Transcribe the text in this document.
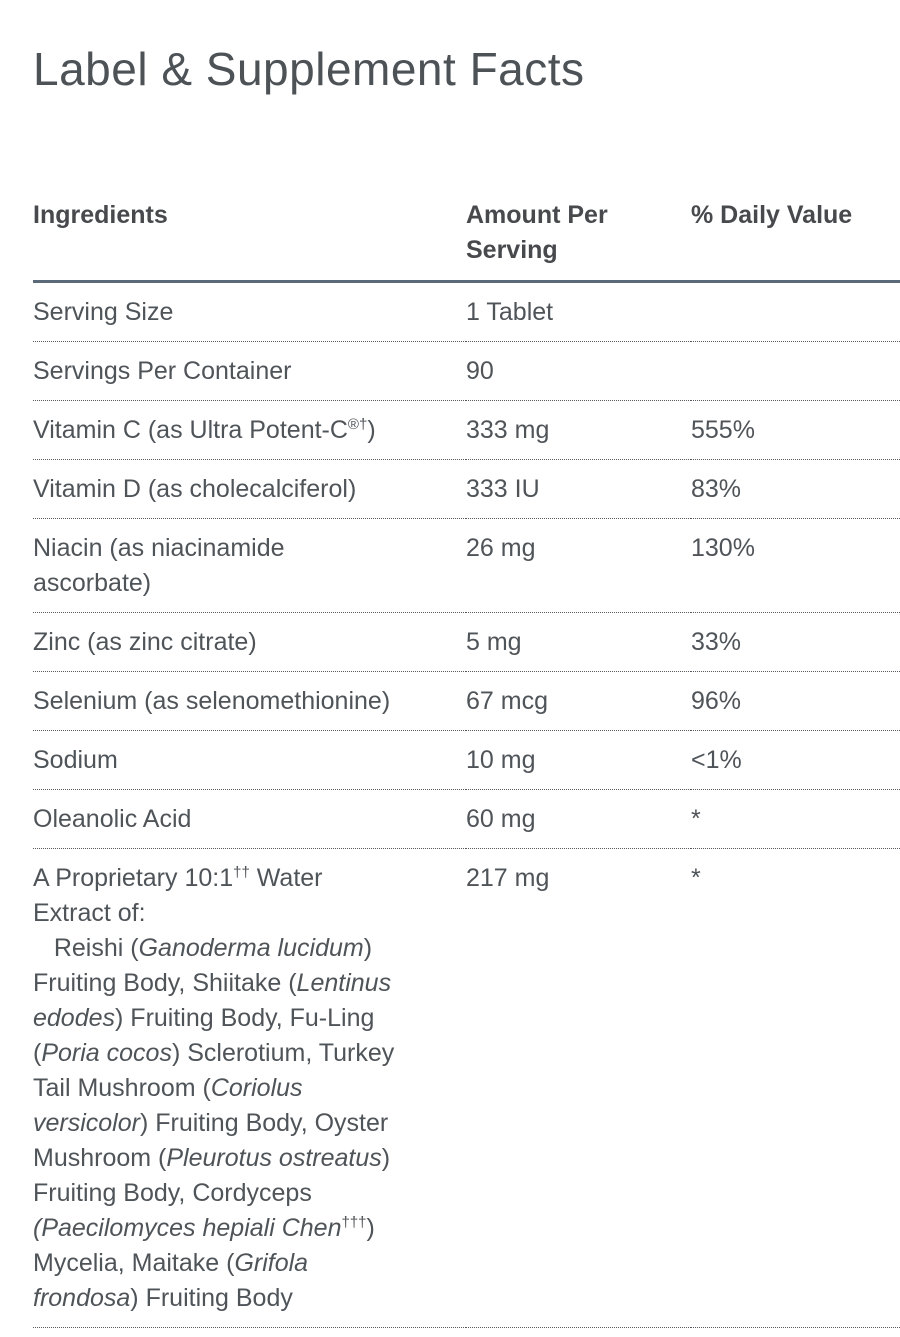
Label & Supplement Facts
Ingredients	Amount Per Serving	% Daily Value
Serving Size	1 Tablet	
Servings Per Container	90	
Vitamin C (as Ultra Potent-C®†)	333 mg	555%
Vitamin D (as cholecalciferol)	333 IU	83%
Niacin (as niacinamide
ascorbate)	26 mg	130%
Zinc (as zinc citrate)	5 mg	33%
Selenium (as selenomethionine)	67 mcg	96%
Sodium	10 mg	<1%
Oleanolic Acid	60 mg	*
A Proprietary 10:1†† Water
Extract of:
Reishi (Ganoderma lucidum)
Fruiting Body, Shiitake (Lentinus
edodes) Fruiting Body, Fu-Ling
(Poria cocos) Sclerotium, Turkey
Tail Mushroom (Coriolus
versicolor) Fruiting Body, Oyster
Mushroom (Pleurotus ostreatus)
Fruiting Body, Cordyceps
(Paecilomyces hepiali Chen†††)
Mycelia, Maitake (Grifola
frondosa) Fruiting Body	217 mg	*
